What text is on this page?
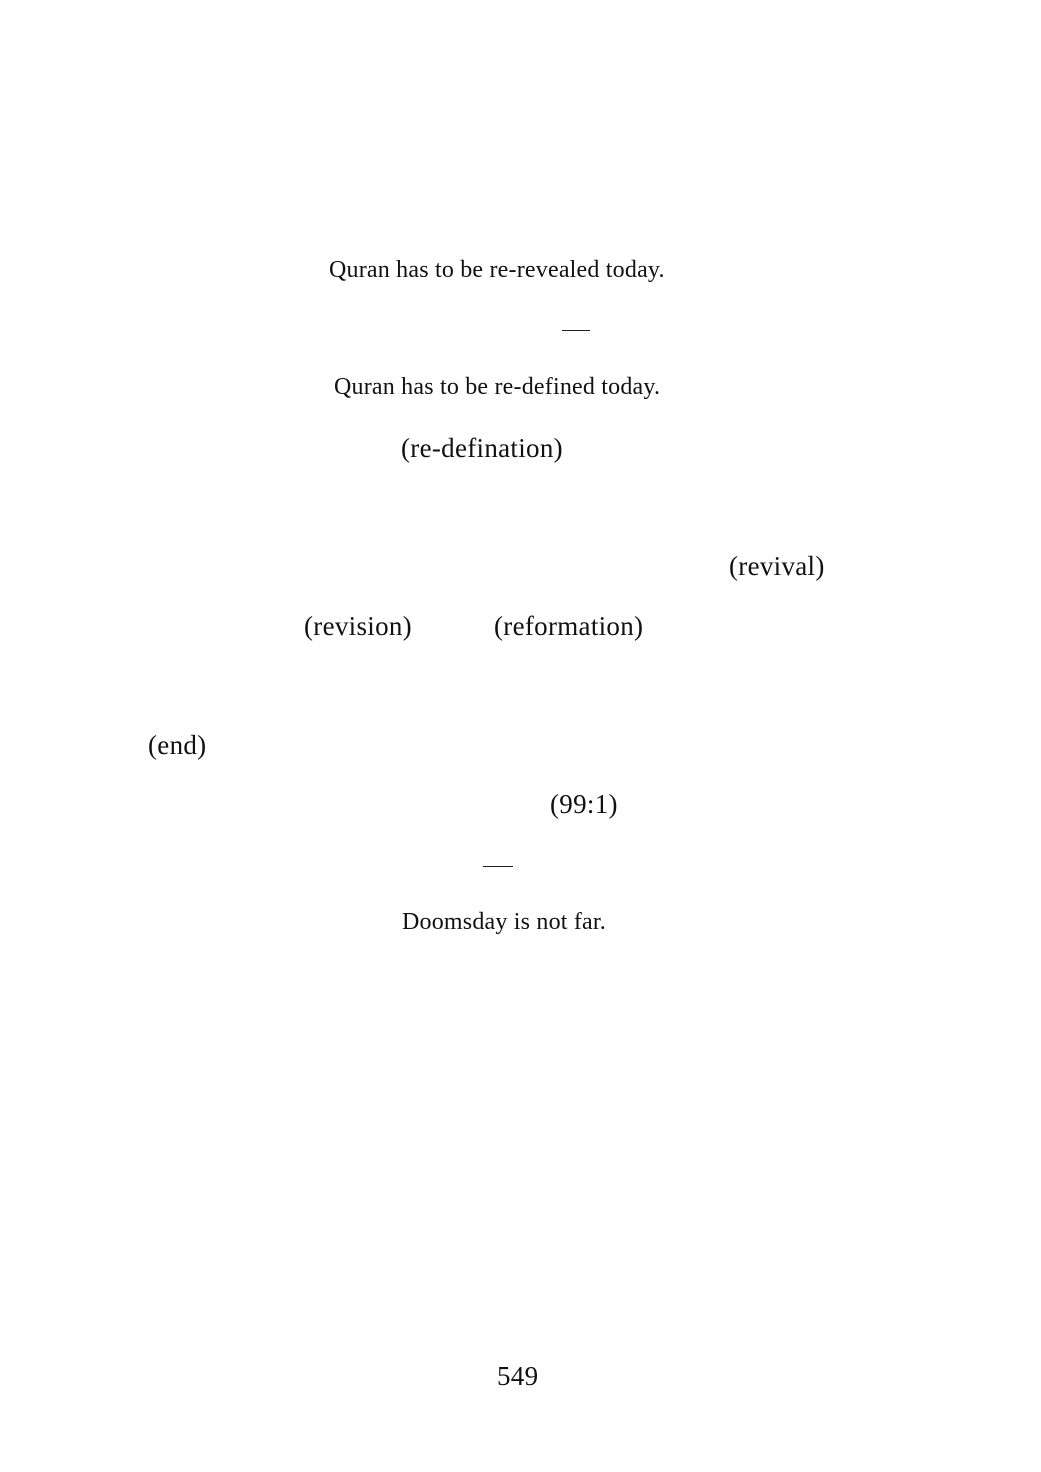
Quran has to be re-revealed today.
Quran has to be re-defined today.
(re-defination)
(revival)
(revision)	(reformation)
(end)
(99:1)
Doomsday is not far.
549
